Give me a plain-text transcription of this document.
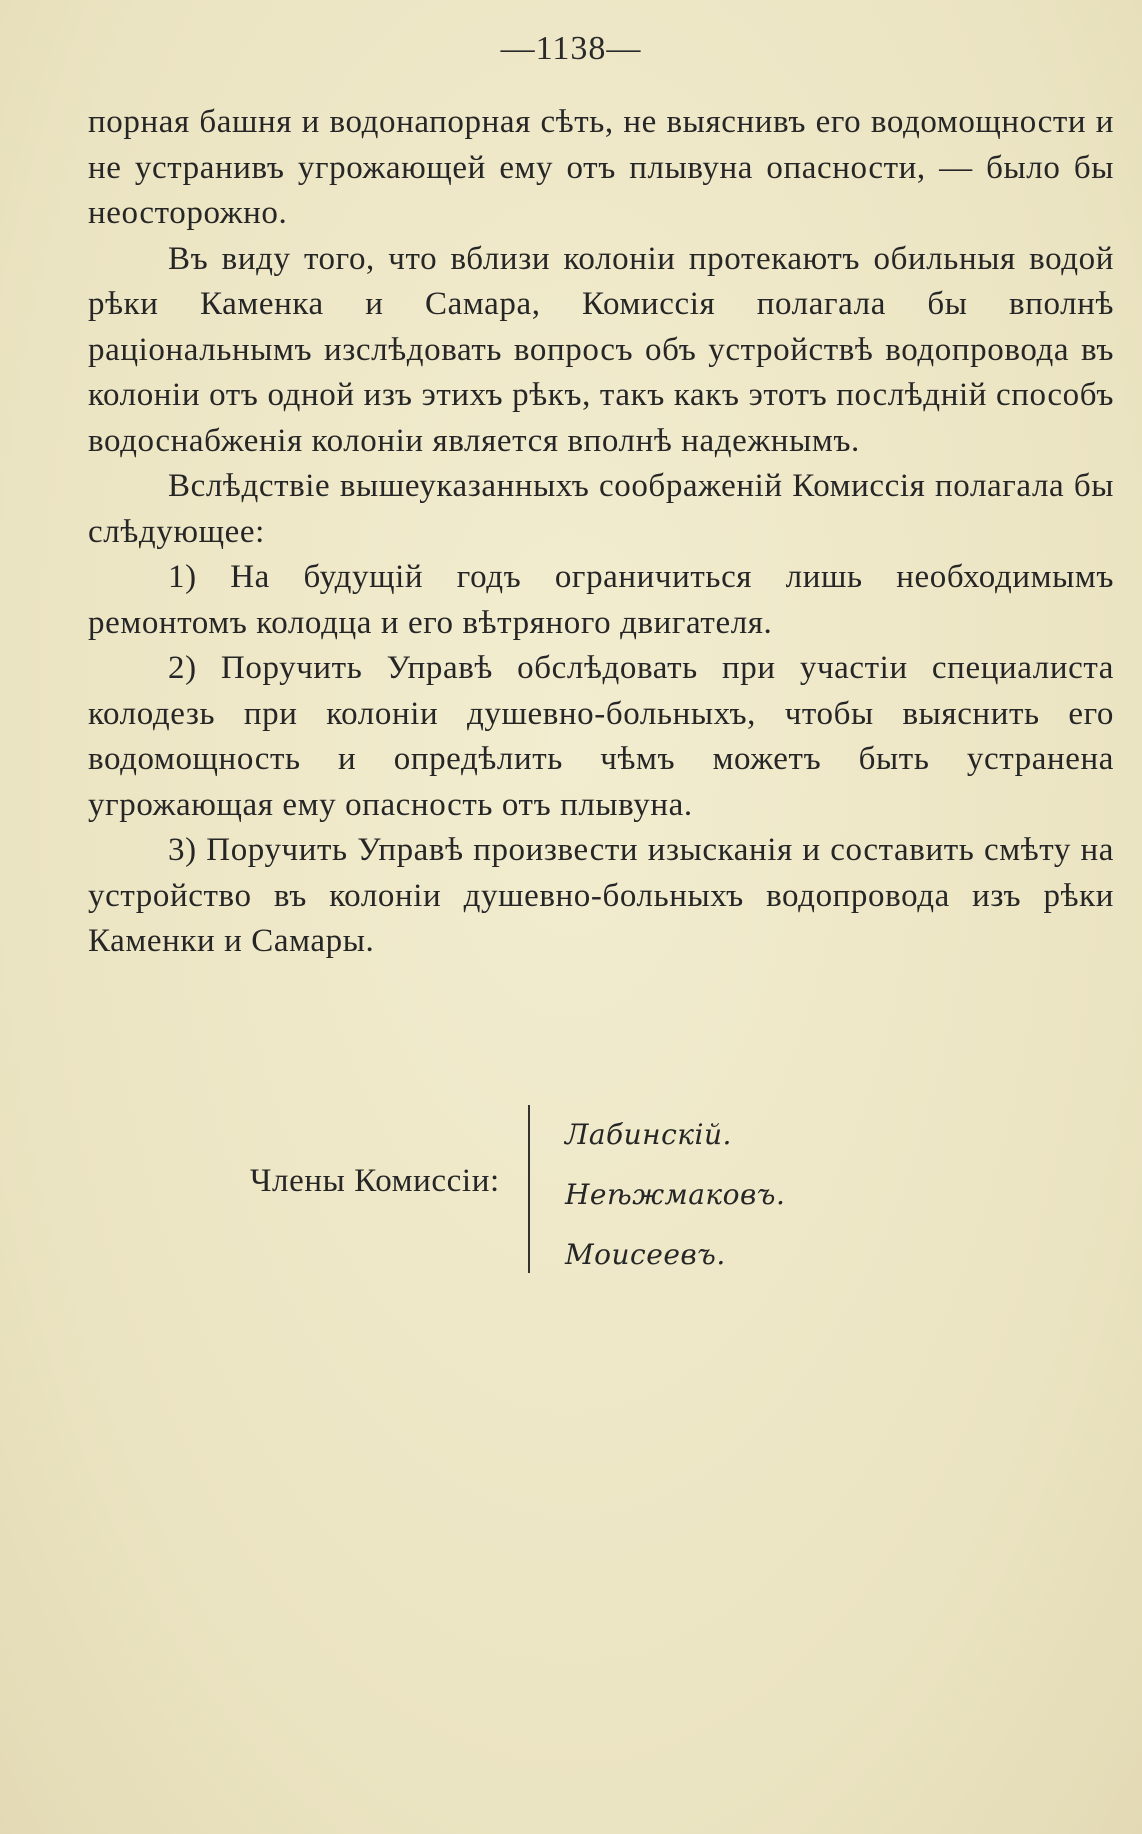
—1138—

порная башня и водонапорная сѣть, не выяснивъ его водомощности и не устранивъ угрожающей ему отъ плывуна опасности, — было бы неосторожно.

Въ виду того, что вблизи колоніи протекаютъ обильныя водой рѣки Каменка и Самара, Комиссія полагала бы вполнѣ раціональнымъ изслѣдовать вопросъ объ устройствѣ водопровода въ колоніи отъ одной изъ этихъ рѣкъ, такъ какъ этотъ послѣдній способъ водоснабженія колоніи является вполнѣ надежнымъ.

Вслѣдствіе вышеуказанныхъ соображеній Комиссія полагала бы слѣдующее:

1) На будущій годъ ограничиться лишь необходимымъ ремонтомъ колодца и его вѣтряного двигателя.

2) Поручить Управѣ обслѣдовать при участіи специалиста колодезь при колоніи душевно-больныхъ, чтобы выяснить его водомощность и опредѣлить чѣмъ можетъ быть устранена угрожающая ему опасность отъ плывуна.

3) Поручить Управѣ произвести изысканія и составить смѣту на устройство въ колоніи душевно-больныхъ водопровода изъ рѣки Каменки и Самары.

Члены Комиссіи:
Лабинскій.
Неѣжмаковъ.
Моисеевъ.
